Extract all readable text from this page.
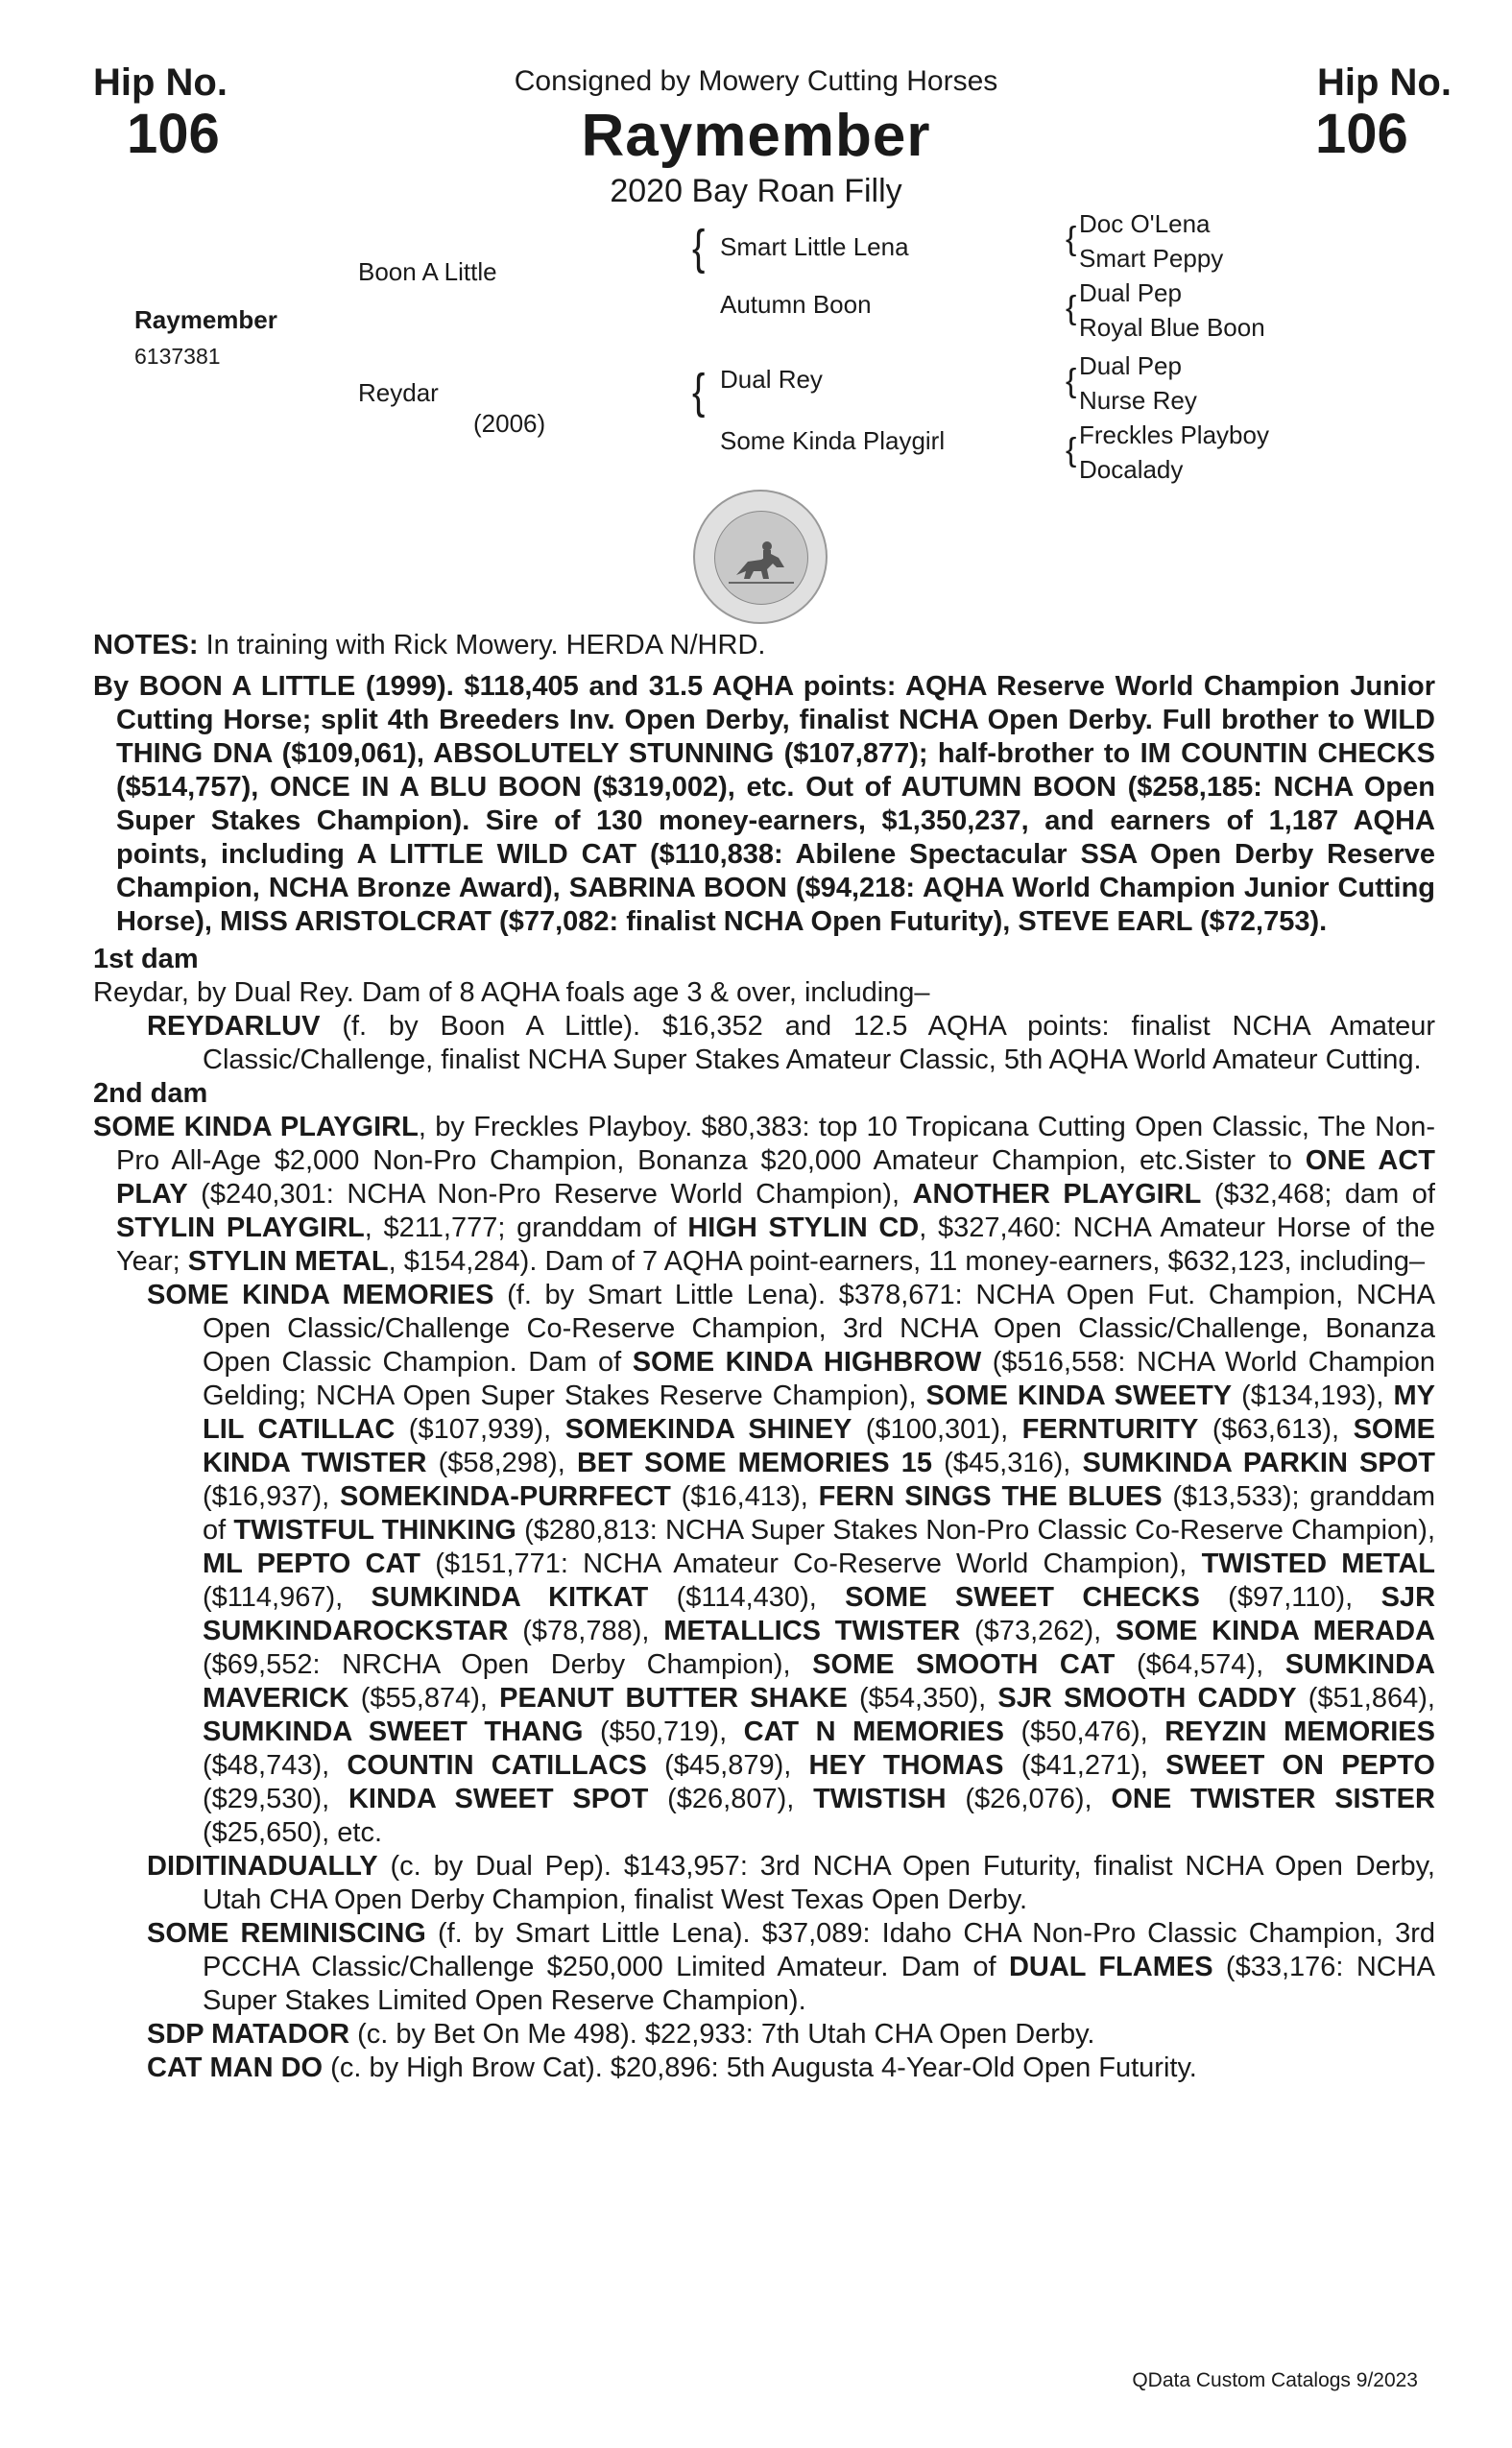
Hip No.
106
Hip No.
106
Consigned by Mowery Cutting Horses
Raymember
2020 Bay Roan Filly
Raymember
6137381
Boon A Little
Reydar
(2006)
{ Smart Little Lena
Autumn Boon
{ Dual Rey
Some Kinda Playgirl
{ Doc O'Lena
Smart Peppy
{ Dual Pep
Royal Blue Boon
{ Dual Pep
Nurse Rey
{ Freckles Playboy
Docalady

NOTES: In training with Rick Mowery. HERDA N/HRD.

By BOON A LITTLE (1999). $118,405 and 31.5 AQHA points: AQHA Reserve World Champion Junior Cutting Horse; split 4th Breeders Inv. Open Derby, finalist NCHA Open Derby. Full brother to WILD THING DNA ($109,061), ABSOLUTELY STUNNING ($107,877); half-brother to IM COUNTIN CHECKS ($514,757), ONCE IN A BLU BOON ($319,002), etc. Out of AUTUMN BOON ($258,185: NCHA Open Super Stakes Champion). Sire of 130 money-earners, $1,350,237, and earners of 1,187 AQHA points, including A LITTLE WILD CAT ($110,838: Abilene Spectacular SSA Open Derby Reserve Champion, NCHA Bronze Award), SABRINA BOON ($94,218: AQHA World Champion Junior Cutting Horse), MISS ARISTOLCRAT ($77,082: finalist NCHA Open Futurity), STEVE EARL ($72,753).

1st dam

Reydar, by Dual Rey. Dam of 8 AQHA foals age 3 & over, including–

REYDARLUV (f. by Boon A Little). $16,352 and 12.5 AQHA points: finalist NCHA Amateur Classic/Challenge, finalist NCHA Super Stakes Amateur Classic, 5th AQHA World Amateur Cutting.

2nd dam

SOME KINDA PLAYGIRL, by Freckles Playboy. $80,383: top 10 Tropicana Cutting Open Classic, The Non-Pro All-Age $2,000 Non-Pro Champion, Bonanza $20,000 Amateur Champion, etc.Sister to ONE ACT PLAY ($240,301: NCHA Non-Pro Reserve World Champion), ANOTHER PLAYGIRL ($32,468; dam of STYLIN PLAYGIRL, $211,777; granddam of HIGH STYLIN CD, $327,460: NCHA Amateur Horse of the Year; STYLIN METAL, $154,284). Dam of 7 AQHA point-earners, 11 money-earners, $632,123, including–

SOME KINDA MEMORIES (f. by Smart Little Lena). $378,671: NCHA Open Fut. Champion, NCHA Open Classic/Challenge Co-Reserve Champion, 3rd NCHA Open Classic/Challenge, Bonanza Open Classic Champion. Dam of SOME KINDA HIGHBROW ($516,558: NCHA World Champion Gelding; NCHA Open Super Stakes Reserve Champion), SOME KINDA SWEETY ($134,193), MY LIL CATILLAC ($107,939), SOMEKINDA SHINEY ($100,301), FERNTURITY ($63,613), SOME KINDA TWISTER ($58,298), BET SOME MEMORIES 15 ($45,316), SUMKINDA PARKIN SPOT ($16,937), SOMEKINDA-PURRFECT ($16,413), FERN SINGS THE BLUES ($13,533); granddam of TWISTFUL THINKING ($280,813: NCHA Super Stakes Non-Pro Classic Co-Reserve Champion), ML PEPTO CAT ($151,771: NCHA Amateur Co-Reserve World Champion), TWISTED METAL ($114,967), SUMKINDA KITKAT ($114,430), SOME SWEET CHECKS ($97,110), SJR SUMKINDAROCKSTAR ($78,788), METALLICS TWISTER ($73,262), SOME KINDA MERADA ($69,552: NRCHA Open Derby Champion), SOME SMOOTH CAT ($64,574), SUMKINDA MAVERICK ($55,874), PEANUT BUTTER SHAKE ($54,350), SJR SMOOTH CADDY ($51,864), SUMKINDA SWEET THANG ($50,719), CAT N MEMORIES ($50,476), REYZIN MEMORIES ($48,743), COUNTIN CATILLACS ($45,879), HEY THOMAS ($41,271), SWEET ON PEPTO ($29,530), KINDA SWEET SPOT ($26,807), TWISTISH ($26,076), ONE TWISTER SISTER ($25,650), etc.

DIDITINADUALLY (c. by Dual Pep). $143,957: 3rd NCHA Open Futurity, finalist NCHA Open Derby, Utah CHA Open Derby Champion, finalist West Texas Open Derby.

SOME REMINISCING (f. by Smart Little Lena). $37,089: Idaho CHA Non-Pro Classic Champion, 3rd PCCHA Classic/Challenge $250,000 Limited Amateur. Dam of DUAL FLAMES ($33,176: NCHA Super Stakes Limited Open Reserve Champion).

SDP MATADOR (c. by Bet On Me 498). $22,933: 7th Utah CHA Open Derby.

CAT MAN DO (c. by High Brow Cat). $20,896: 5th Augusta 4-Year-Old Open Futurity.

QData Custom Catalogs 9/2023
